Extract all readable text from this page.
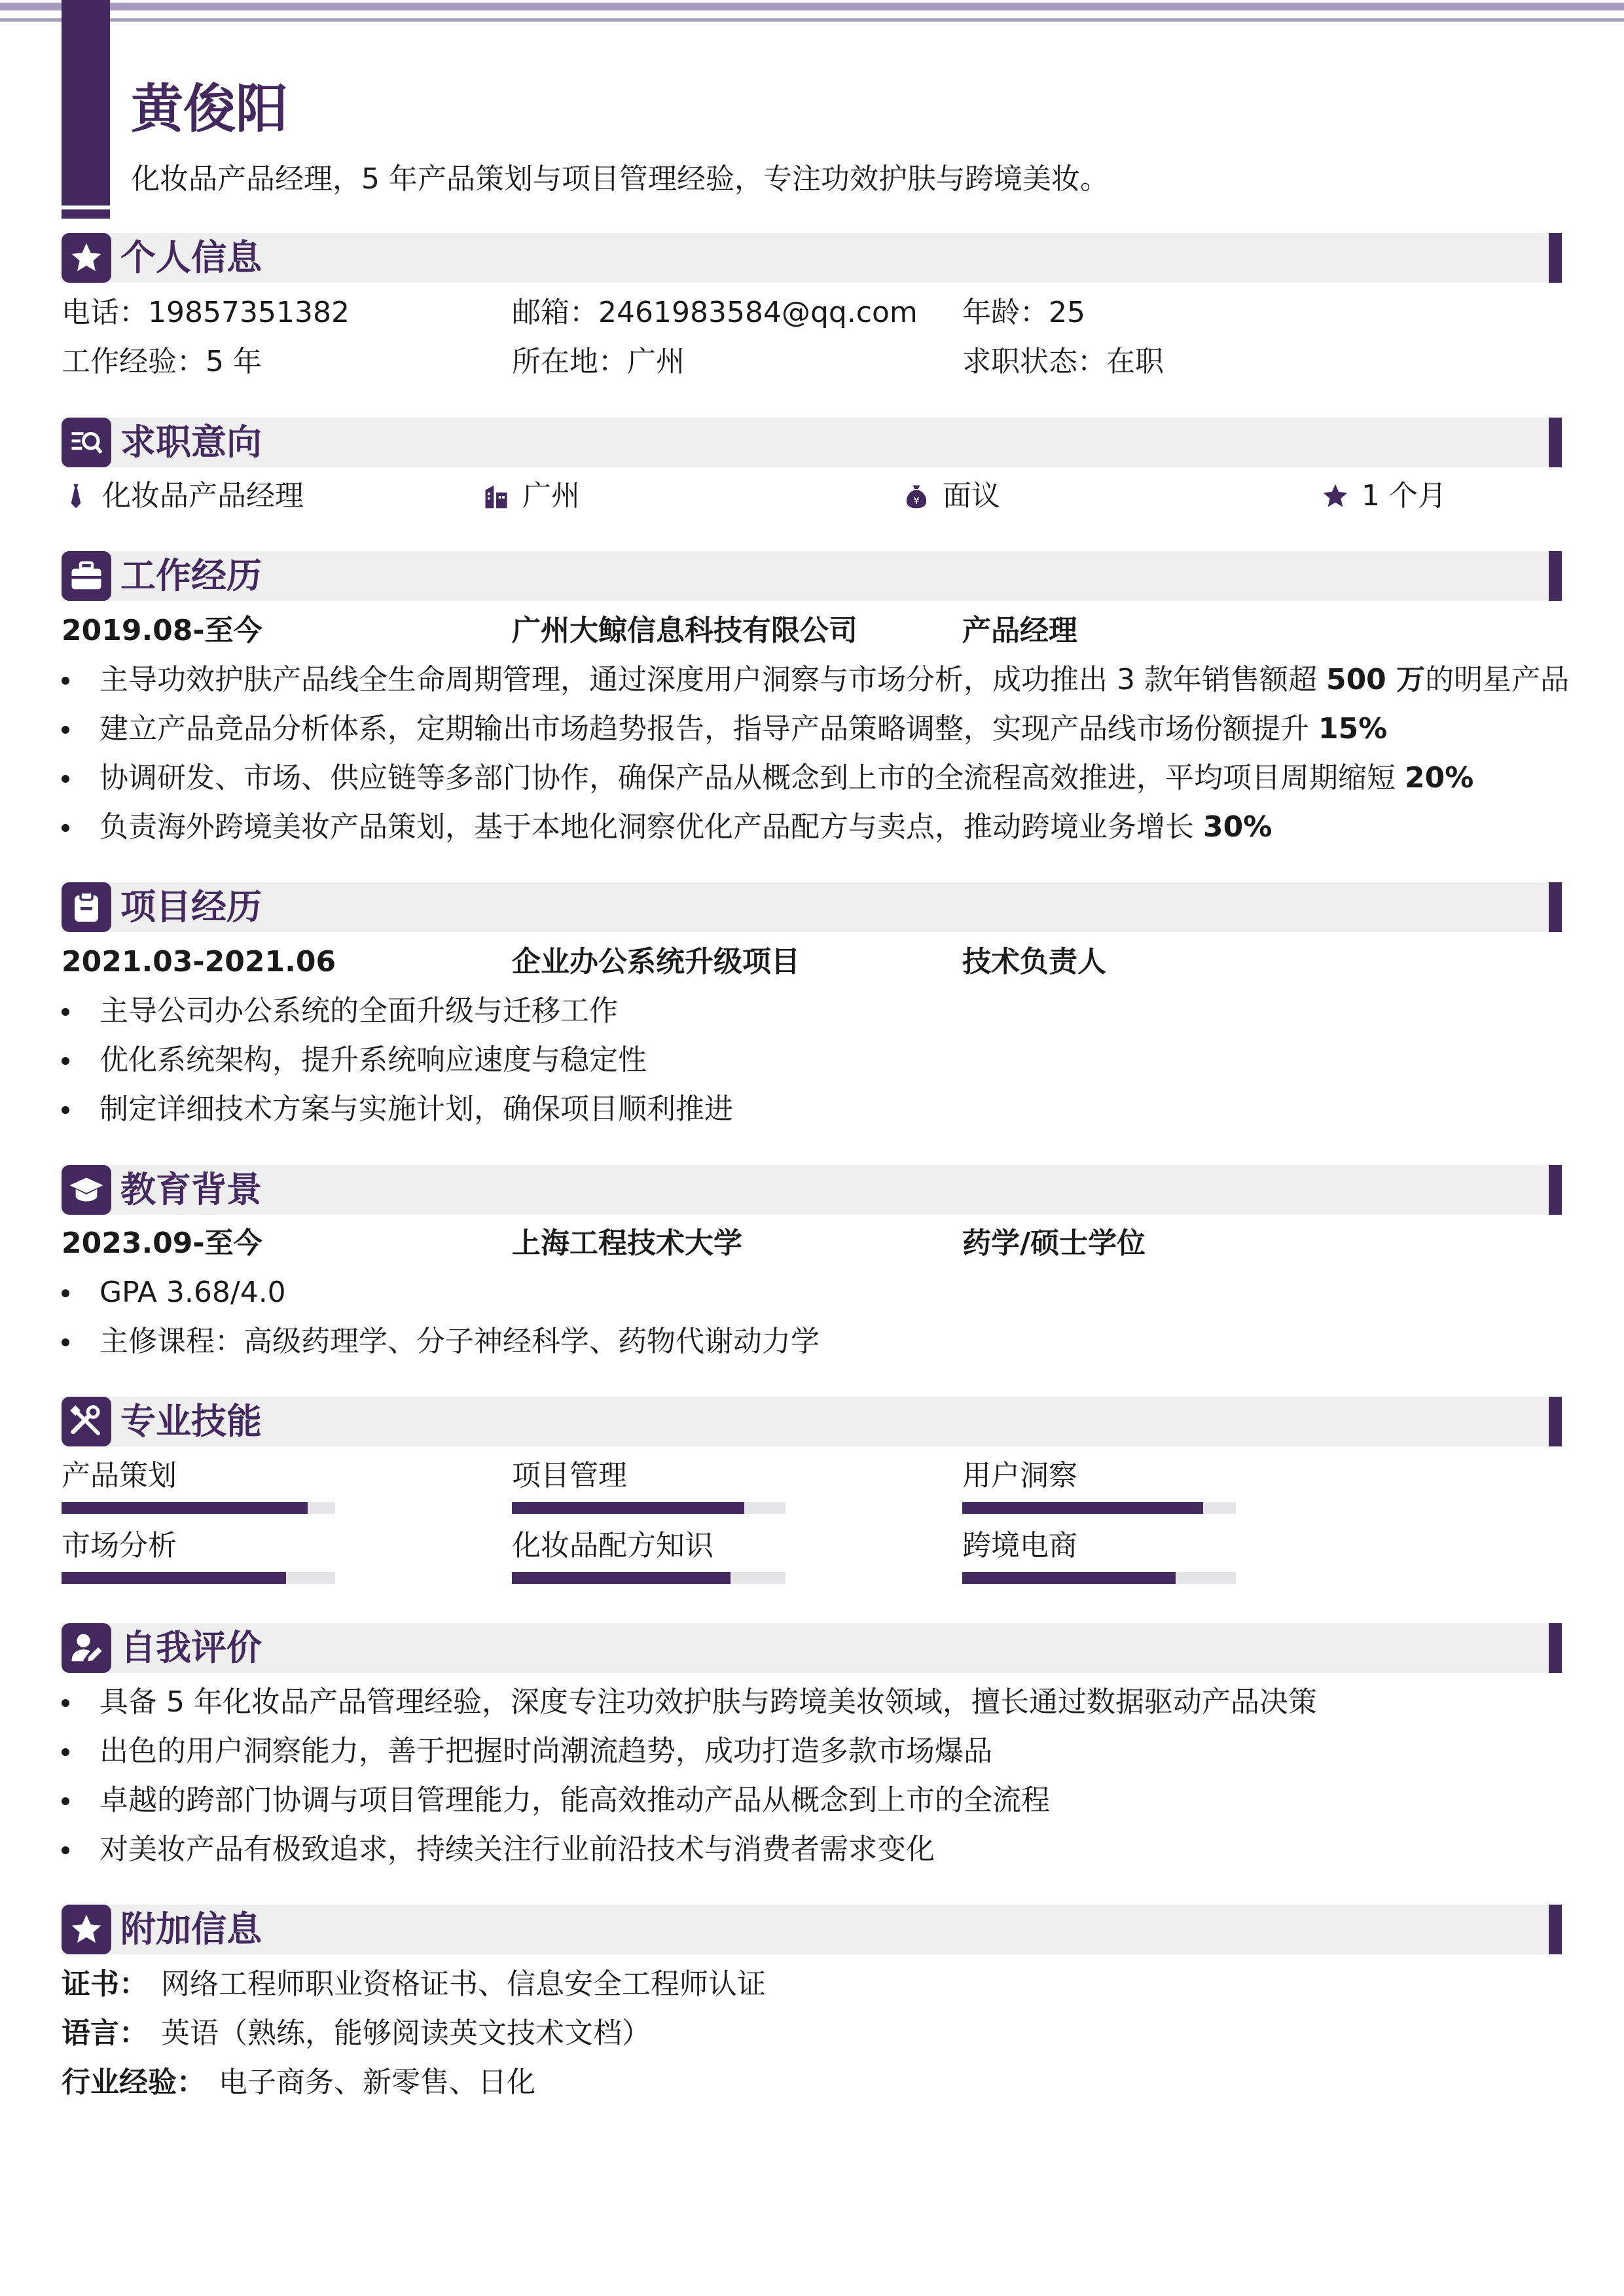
黄俊阳
化妆品产品经理，5 年产品策划与项目管理经验，专注功效护肤与跨境美妆。
个人信息
电话：19857351382	邮箱：2461983584@qq.com 年龄：25
工作经验：5 年	所在地：广州	求职状态：在职
求职意向
化妆品产品经理	广州	¥ 面议	1 个月
工作经历
2019.08-至今	广州大鲸信息科技有限公司	产品经理
主导功效护肤产品线全生命周期管理，通过深度用户洞察与市场分析，成功推出 3 款年销售额超 500 万的明星产品
建立产品竞品分析体系，定期输出市场趋势报告，指导产品策略调整，实现产品线市场份额提升 15%
协调研发、市场、供应链等多部门协作，确保产品从概念到上市的全流程高效推进，平均项目周期缩短 20%
负责海外跨境美妆产品策划，基于本地化洞察优化产品配方与卖点，推动跨境业务增长 30%
项目经历
2021.03-2021.06	企业办公系统升级项目	技术负责人
主导公司办公系统的全面升级与迁移工作
优化系统架构，提升系统响应速度与稳定性
制定详细技术方案与实施计划，确保项目顺利推进
教育背景
2023.09-至今	上海工程技术大学	药学/硕士学位
GPA 3.68/4.0
主修课程：高级药理学、分子神经科学、药物代谢动力学
专业技能
产品策划	项目管理	用户洞察
市场分析	化妆品配方知识	跨境电商
自我评价
具备 5 年化妆品产品管理经验，深度专注功效护肤与跨境美妆领域，擅长通过数据驱动产品决策
出色的用户洞察能力，善于把握时尚潮流趋势，成功打造多款市场爆品
卓越的跨部门协调与项目管理能力，能高效推动产品从概念到上市的全流程
对美妆产品有极致追求，持续关注行业前沿技术与消费者需求变化
附加信息
证书： 网络工程师职业资格证书、信息安全工程师认证
语言： 英语（熟练，能够阅读英文技术文档）
行业经验： 电子商务、新零售、日化
